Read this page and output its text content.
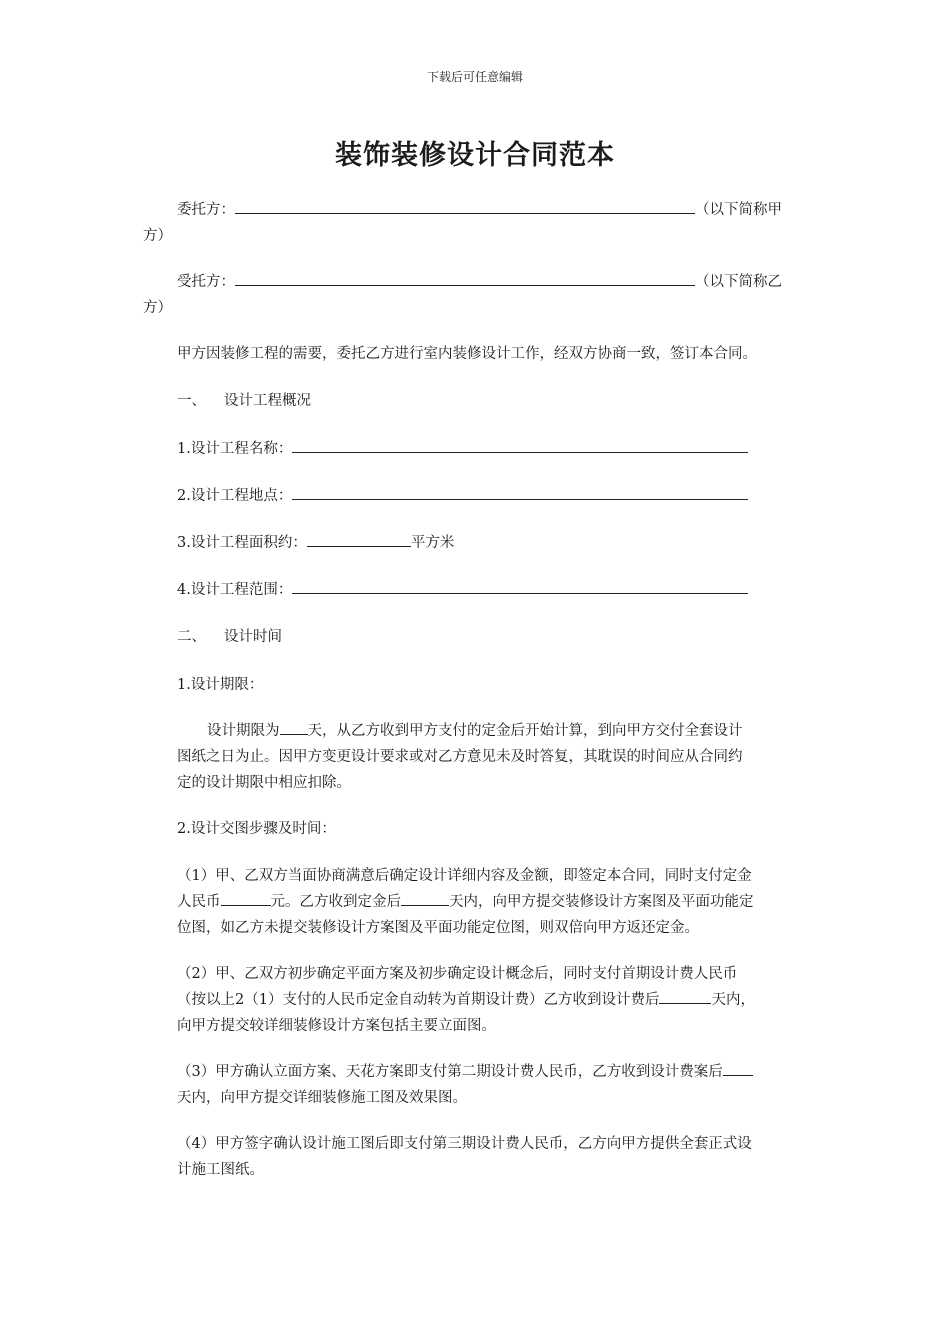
下载后可任意编辑
装饰装修设计合同范本
委托方：	（以下简称甲
方）
受托方：	（以下简称乙
方）
甲方因装修工程的需要，委托乙方进行室内装修设计工作，经双方协商一致，签订本合同。
一、 设计工程概况
1.设计工程名称：
2.设计工程地点：
3.设计工程面积约：	平方米
4.设计工程范围：
二、 设计时间
1.设计期限：
设计期限为 天，从乙方收到甲方支付的定金后开始计算，到向甲方交付全套设计
图纸之日为止。因甲方变更设计要求或对乙方意见未及时答复，其耽误的时间应从合同约
定的设计期限中相应扣除。
2.设计交图步骤及时间：
（1）甲、乙双方当面协商满意后确定设计详细内容及金额，即签定本合同，同时支付定金
人民币	元。乙方收到定金后	天内，向甲方提交装修设计方案图及平面功能定
位图，如乙方未提交装修设计方案图及平面功能定位图，则双倍向甲方返还定金。
（2）甲、乙双方初步确定平面方案及初步确定设计概念后，同时支付首期设计费人民币
（按以上2（1）支付的人民币定金自动转为首期设计费）乙方收到设计费后	天内，
向甲方提交较详细装修设计方案包括主要立面图。
（3）甲方确认立面方案、天花方案即支付第二期设计费人民币，乙方收到设计费案后
天内，向甲方提交详细装修施工图及效果图。
（4）甲方签字确认设计施工图后即支付第三期设计费人民币，乙方向甲方提供全套正式设
计施工图纸。
